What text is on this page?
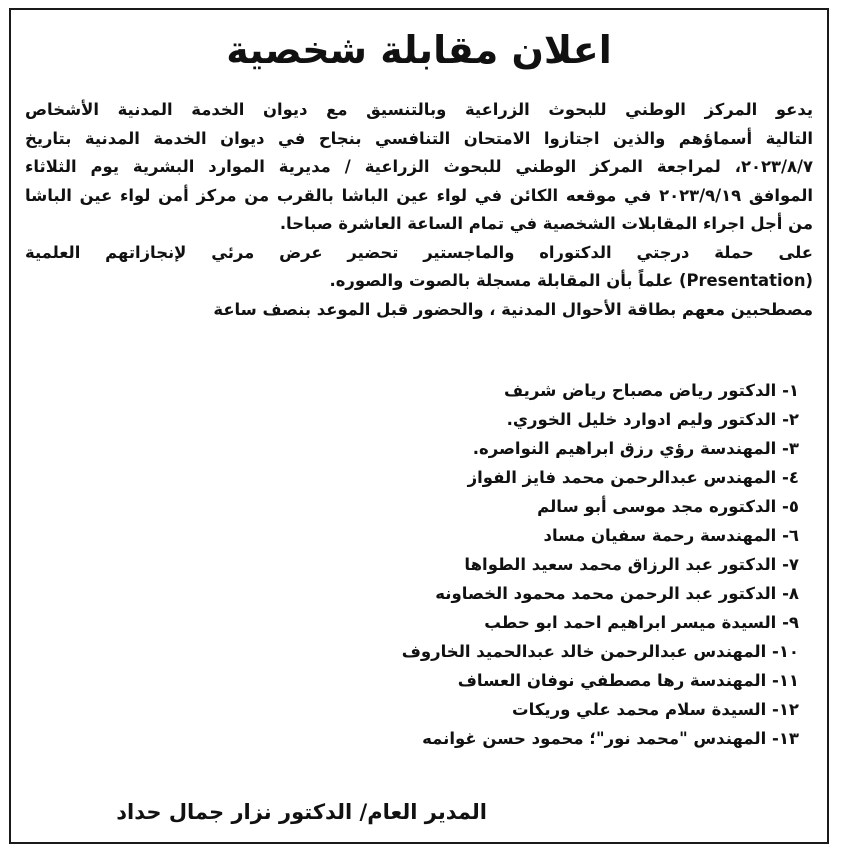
اعلان مقابلة شخصية
يدعو المركز الوطني للبحوث الزراعية وبالتنسيق مع ديوان الخدمة المدنية الأشخاص
التالية أسماؤهم والذين اجتازوا الامتحان التنافسي بنجاح في ديوان الخدمة المدنية بتاريخ
٢٠٢٣/٨/٧، لمراجعة المركز الوطني للبحوث الزراعية / مديرية الموارد البشرية يوم الثلاثاء
الموافق ٢٠٢٣/٩/١٩ في موقعه الكائن في لواء عين الباشا بالقرب من مركز أمن لواء عين الباشا
من أجل اجراء المقابلات الشخصية في تمام الساعة العاشرة صباحا.
على حملة درجتي الدكتوراه والماجستير تحضير عرض مرئي لإنجازاتهم العلمية
(Presentation) علماً بأن المقابلة مسجلة بالصوت والصوره.
مصطحبين معهم بطاقة الأحوال المدنية ، والحضور قبل الموعد بنصف ساعة
١- الدكتور رياض مصباح رياض شريف
٢- الدكتور وليم ادوارد خليل الخوري.
٣- المهندسة رؤي رزق ابراهيم النواصره.
٤- المهندس عبدالرحمن محمد فايز الفواز
٥- الدكتوره مجد موسى أبو سالم
٦- المهندسة رحمة سفيان مساد
٧- الدكتور عبد الرزاق محمد سعيد الطواها
٨- الدكتور عبد الرحمن محمد محمود الخصاونه
٩- السيدة ميسر ابراهيم احمد ابو حطب
١٠- المهندس عبدالرحمن خالد عبدالحميد الخاروف
١١- المهندسة رها مصطفي نوفان العساف
١٢- السيدة سلام محمد علي وريكات
١٣- المهندس "محمد نور"؛ محمود حسن غوانمه
المدير العام/ الدكتور نزار جمال حداد
